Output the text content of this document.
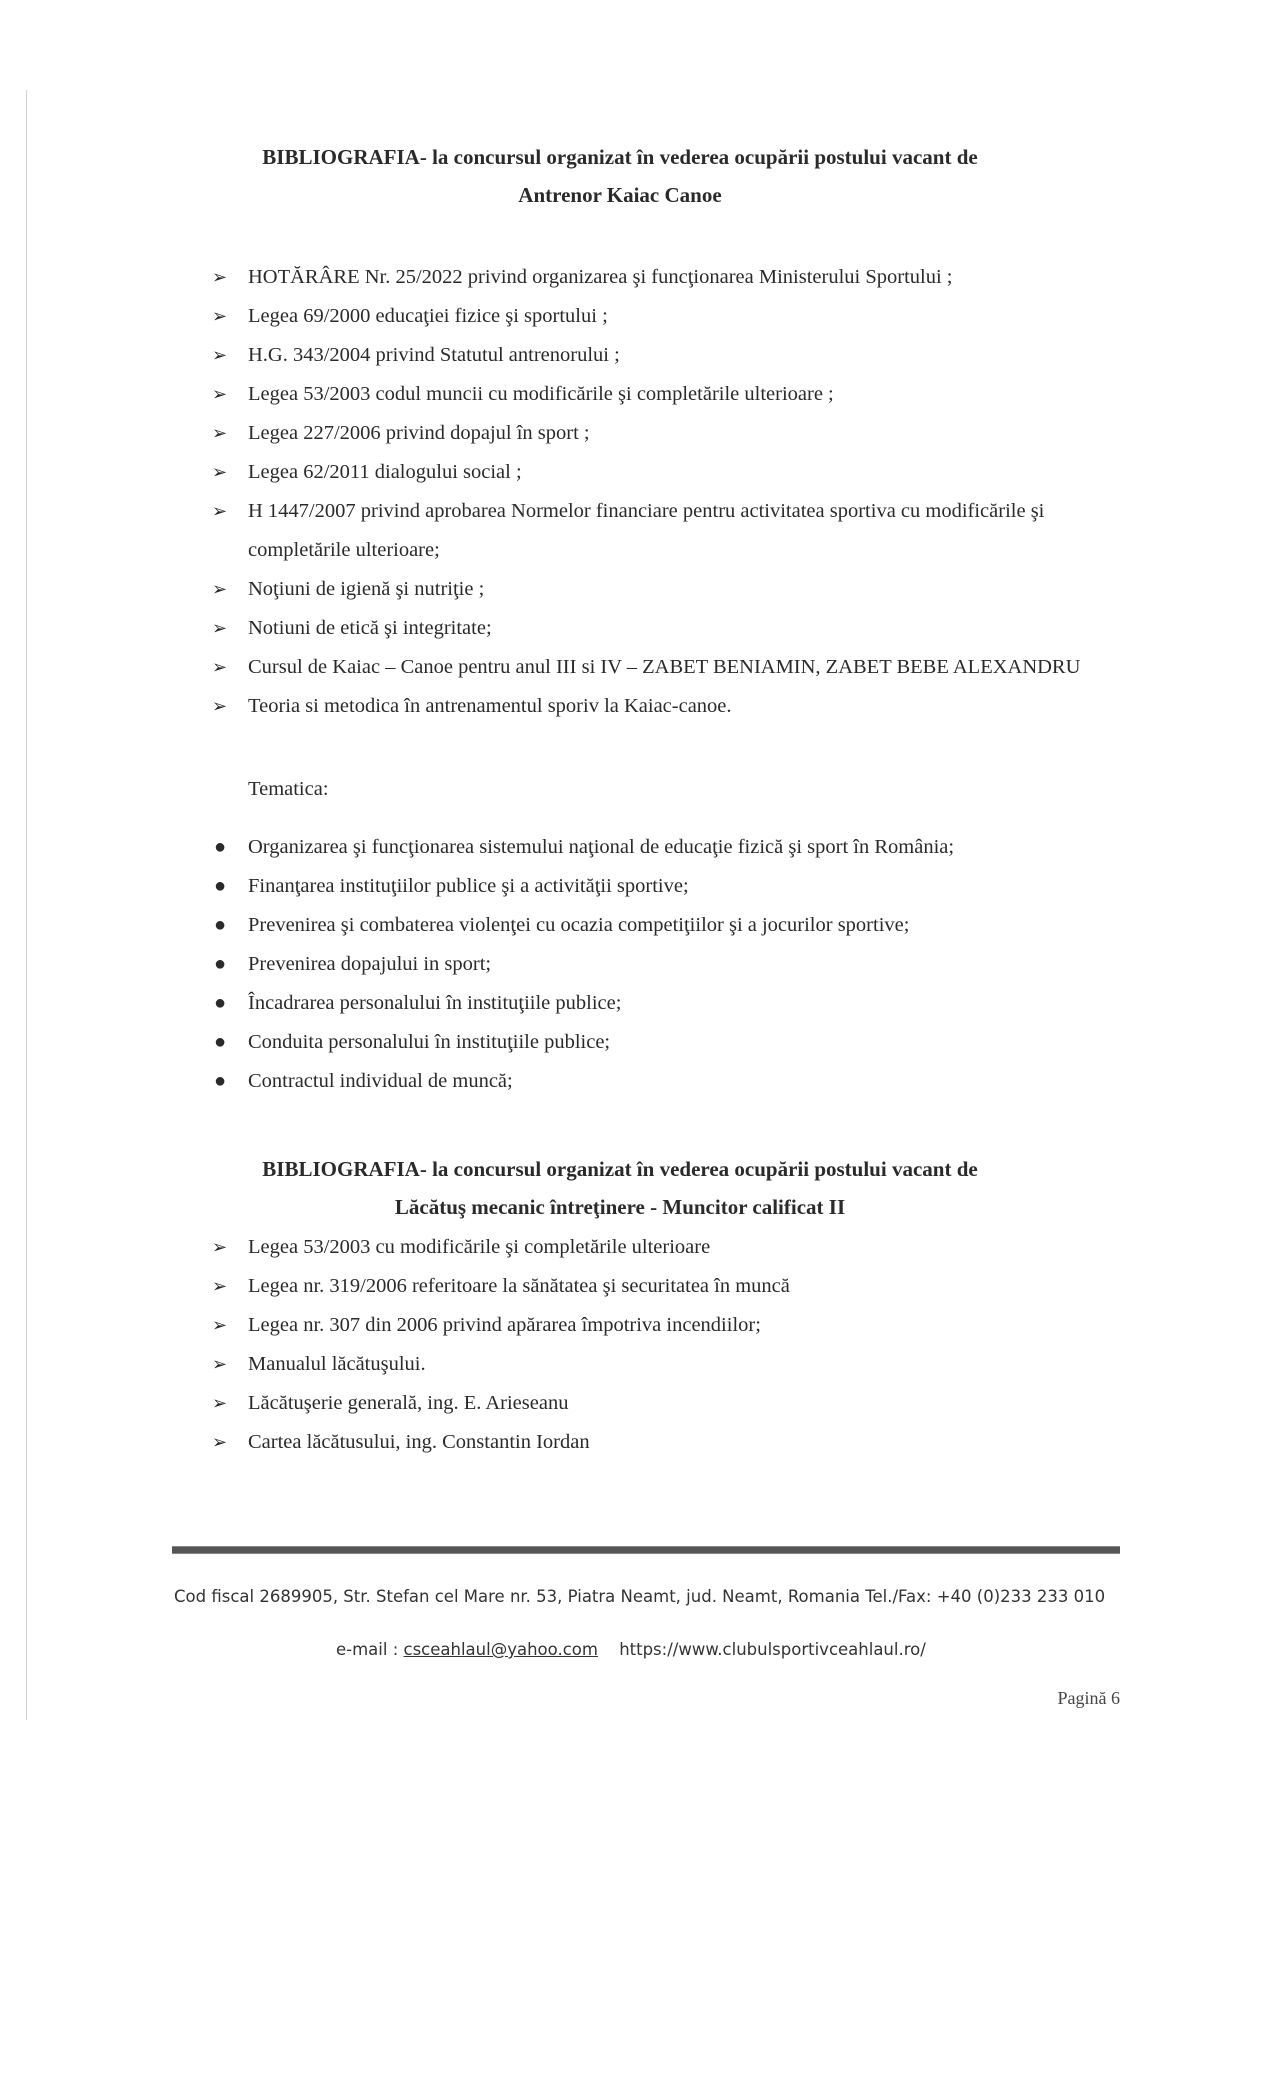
BIBLIOGRAFIA- la concursul organizat în vederea ocupării postului vacant de
Antrenor Kaiac Canoe
➢ HOTĂRÂRE Nr. 25/2022 privind organizarea şi funcţionarea Ministerului Sportului ;
➢ Legea 69/2000 educaţiei fizice şi sportului ;
➢ H.G. 343/2004 privind Statutul antrenorului ;
➢ Legea 53/2003 codul muncii cu modificările şi completările ulterioare ;
➢ Legea 227/2006 privind dopajul în sport ;
➢ Legea 62/2011 dialogului social ;
➢ H 1447/2007 privind aprobarea Normelor financiare pentru activitatea sportiva cu modificările şi completările ulterioare;
➢ Noţiuni de igienă şi nutriţie ;
➢ Notiuni de etică şi integritate;
➢ Cursul de Kaiac – Canoe pentru anul III si IV – ZABET BENIAMIN, ZABET BEBE ALEXANDRU
➢ Teoria si metodica în antrenamentul sporiv la Kaiac-canoe.
Tematica:
● Organizarea şi funcţionarea sistemului naţional de educaţie fizică şi sport în România;
● Finanţarea instituţiilor publice şi a activităţii sportive;
● Prevenirea şi combaterea violenţei cu ocazia competiţiilor şi a jocurilor sportive;
● Prevenirea dopajului in sport;
● Încadrarea personalului în instituţiile publice;
● Conduita personalului în instituţiile publice;
● Contractul individual de muncă;
BIBLIOGRAFIA- la concursul organizat în vederea ocupării postului vacant de
Lăcătuş mecanic întreţinere - Muncitor calificat II
➢ Legea 53/2003 cu modificările şi completările ulterioare
➢ Legea nr. 319/2006 referitoare la sănătatea şi securitatea în muncă
➢ Legea nr. 307 din 2006 privind apărarea împotriva incendiilor;
➢ Manualul lăcătuşului.
➢ Lăcătuşerie generală, ing. E. Arieseanu
➢ Cartea lăcătusului, ing. Constantin Iordan
Cod fiscal 2689905, Str. Stefan cel Mare nr. 53, Piatra Neamt, jud. Neamt, Romania Tel./Fax: +40 (0)233 233 010
e-mail : csceahlaul@yahoo.com https://www.clubulsportivceahlaul.ro/
Pagină 6
